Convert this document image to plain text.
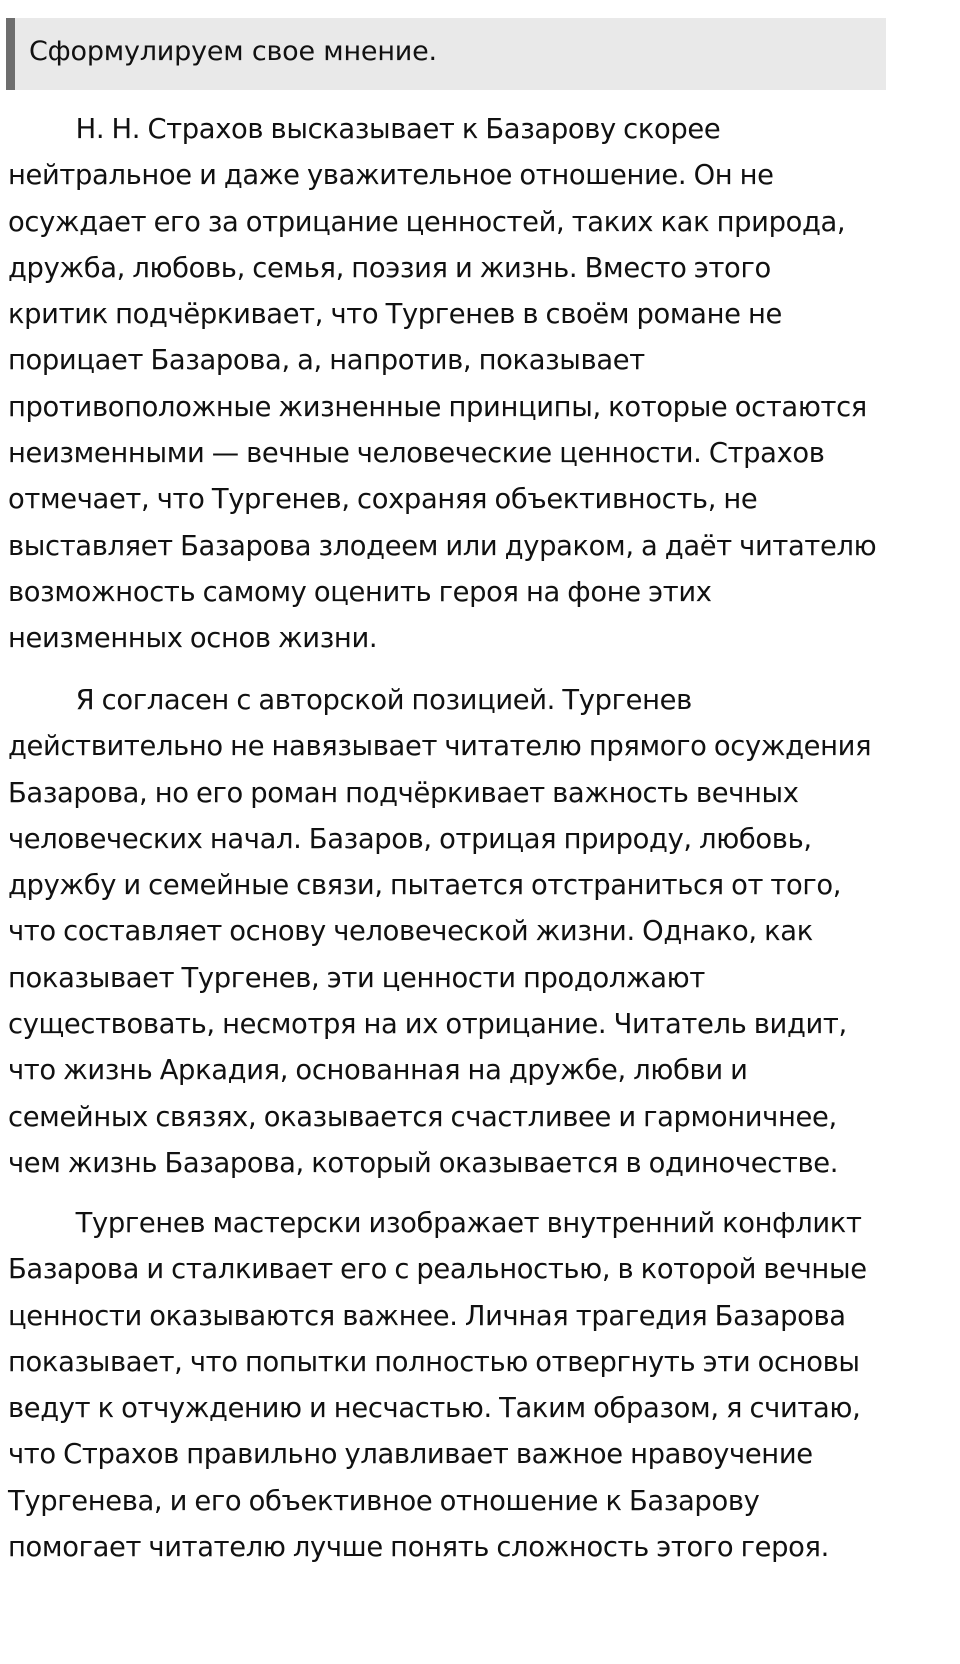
Сформулируем свое мнение.
Н. Н. Страхов высказывает к Базарову скорее
нейтральное и даже уважительное отношение. Он не
осуждает его за отрицание ценностей, таких как природа,
дружба, любовь, семья, поэзия и жизнь. Вместо этого
критик подчёркивает, что Тургенев в своём романе не
порицает Базарова, а, напротив, показывает
противоположные жизненные принципы, которые остаются
неизменными — вечные человеческие ценности. Страхов
отмечает, что Тургенев, сохраняя объективность, не
выставляет Базарова злодеем или дураком, а даёт читателю
возможность самому оценить героя на фоне этих
неизменных основ жизни.
Я согласен с авторской позицией. Тургенев
действительно не навязывает читателю прямого осуждения
Базарова, но его роман подчёркивает важность вечных
человеческих начал. Базаров, отрицая природу, любовь,
дружбу и семейные связи, пытается отстраниться от того,
что составляет основу человеческой жизни. Однако, как
показывает Тургенев, эти ценности продолжают
существовать, несмотря на их отрицание. Читатель видит,
что жизнь Аркадия, основанная на дружбе, любви и
семейных связях, оказывается счастливее и гармоничнее,
чем жизнь Базарова, который оказывается в одиночестве.
Тургенев мастерски изображает внутренний конфликт
Базарова и сталкивает его с реальностью, в которой вечные
ценности оказываются важнее. Личная трагедия Базарова
показывает, что попытки полностью отвергнуть эти основы
ведут к отчуждению и несчастью. Таким образом, я считаю,
что Страхов правильно улавливает важное нравоучение
Тургенева, и его объективное отношение к Базарову
помогает читателю лучше понять сложность этого героя.
